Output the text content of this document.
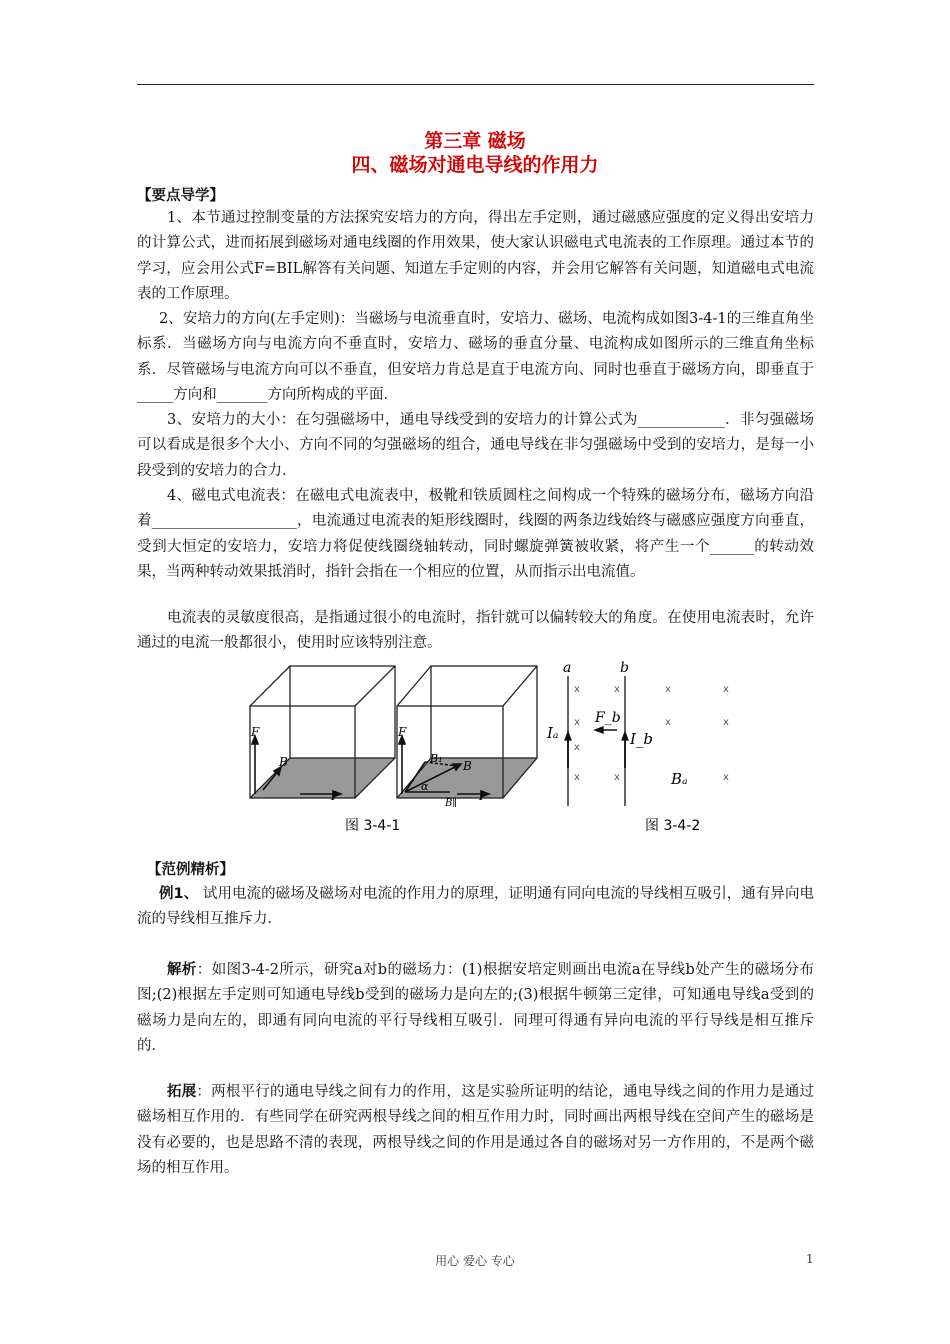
第三章 磁场
四、磁场对通电导线的作用力
【要点导学】

1、本节通过控制变量的方法探究安培力的方向，得出左手定则，通过磁感应强度的定义得出安培力的计算公式，进而拓展到磁场对通电线圈的作用效果，使大家认识磁电式电流表的工作原理。通过本节的学习，应会用公式F=BIL解答有关问题、知道左手定则的内容，并会用它解答有关问题，知道磁电式电流表的工作原理。

2、安培力的方向(左手定则)：当磁场与电流垂直时，安培力、磁场、电流构成如图3-4-1的三维直角坐标系．当磁场方向与电流方向不垂直时，安培力、磁场的垂直分量、电流构成如图所示的三维直角坐标系．尽管磁场与电流方向可以不垂直，但安培力肯总是直于电流方向、同时也垂直于磁场方向，即垂直于_____方向和_______方向所构成的平面．

3、安培力的大小：在匀强磁场中，通电导线受到的安培力的计算公式为____________．非匀强磁场可以看成是很多个大小、方向不同的匀强磁场的组合，通电导线在非匀强磁场中受到的安培力，是每一小段受到的安培力的合力．

4、磁电式电流表：在磁电式电流表中，极靴和铁质圆柱之间构成一个特殊的磁场分布，磁场方向沿着____________________，电流通过电流表的矩形线圈时，线圈的两条边线始终与磁感应强度方向垂直，受到大恒定的安培力，安培力将促使线圈绕轴转动，同时螺旋弹簧被收紧，将产生一个______的转动效果，当两种转动效果抵消时，指针会指在一个相应的位置，从而指示出电流值。

电流表的灵敏度很高，是指通过很小的电流时，指针就可以偏转较大的角度。在使用电流表时，允许通过的电流一般都很小，使用时应该特别注意。

F
B
I
F
B₁
B
α
B∥
I
图 3-4-1
a	b
Iₐ	I_b
F_b
Bₐ
x	x	x	x
x	x	x
x
x	x	x
图 3-4-2
【范例精析】

例1、 试用电流的磁场及磁场对电流的作用力的原理，证明通有同向电流的导线相互吸引，通有异向电流的导线相互推斥力．

解析：如图3-4-2所示，研究a对b的磁场力：(1)根据安培定则画出电流a在导线b处产生的磁场分布图;(2)根据左手定则可知通电导线b受到的磁场力是向左的;(3)根据牛顿第三定律，可知通电导线a受到的磁场力是向左的，即通有同向电流的平行导线相互吸引．同理可得通有异向电流的平行导线是相互推斥的．

拓展：两根平行的通电导线之间有力的作用，这是实验所证明的结论，通电导线之间的作用力是通过磁场相互作用的．有些同学在研究两根导线之间的相互作用力时，同时画出两根导线在空间产生的磁场是没有必要的，也是思路不清的表现，两根导线之间的作用是通过各自的磁场对另一方作用的，不是两个磁场的相互作用。

用心 爱心 专心	1
